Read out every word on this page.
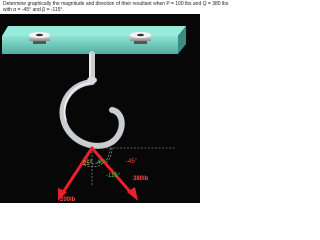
Determine graphically the magnitude and direction of their resultant when P = 100 lbs and Q = 380 lbs
with α = -45° and β = -115°.

-45°
25° 40°
-115° 380lb
200lb
